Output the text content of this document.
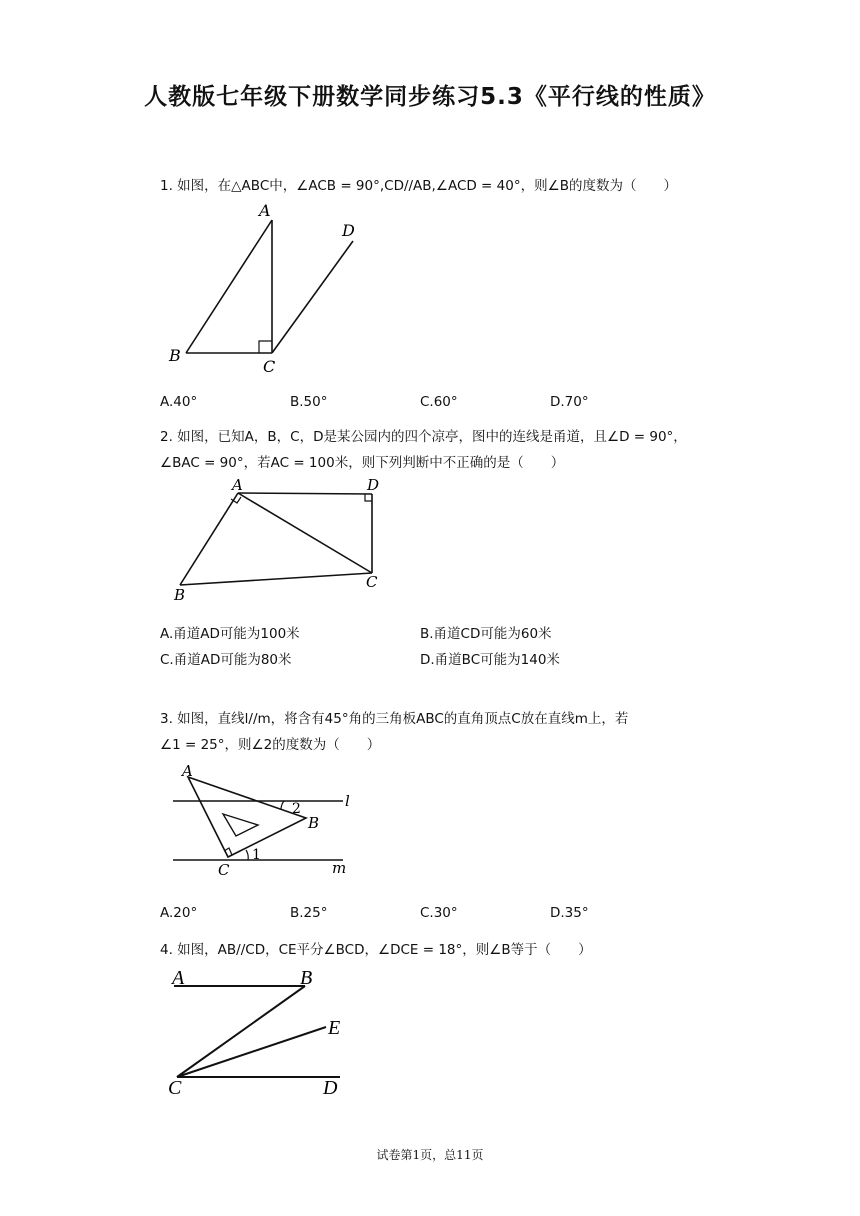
人教版七年级下册数学同步练习5.3《平行线的性质》
1. 如图，在△ABC中，∠ACB = 90°,CD//AB,∠ACD = 40°，则∠B的度数为（　　）
A
D
B
C
A.40°	B.50°	C.60°	D.70°
2. 如图，已知A，B，C，D是某公园内的四个凉亭，图中的连线是甬道，且∠D = 90°，
∠BAC = 90°，若AC = 100米，则下列判断中不正确的是（　　）
A	D
B
C
A.甬道AD可能为100米	B.甬道CD可能为60米
C.甬道AD可能为80米	D.甬道BC可能为140米
3. 如图，直线l//m，将含有45°角的三角板ABC的直角顶点C放在直线m上，若
∠1 = 25°，则∠2的度数为（　　）
A
B
C
l
m
1
2
A.20°	B.25°	C.30°	D.35°
4. 如图，AB//CD，CE平分∠BCD，∠DCE = 18°，则∠B等于（　　）
A	B
E
C	D
试卷第1页，总11页
